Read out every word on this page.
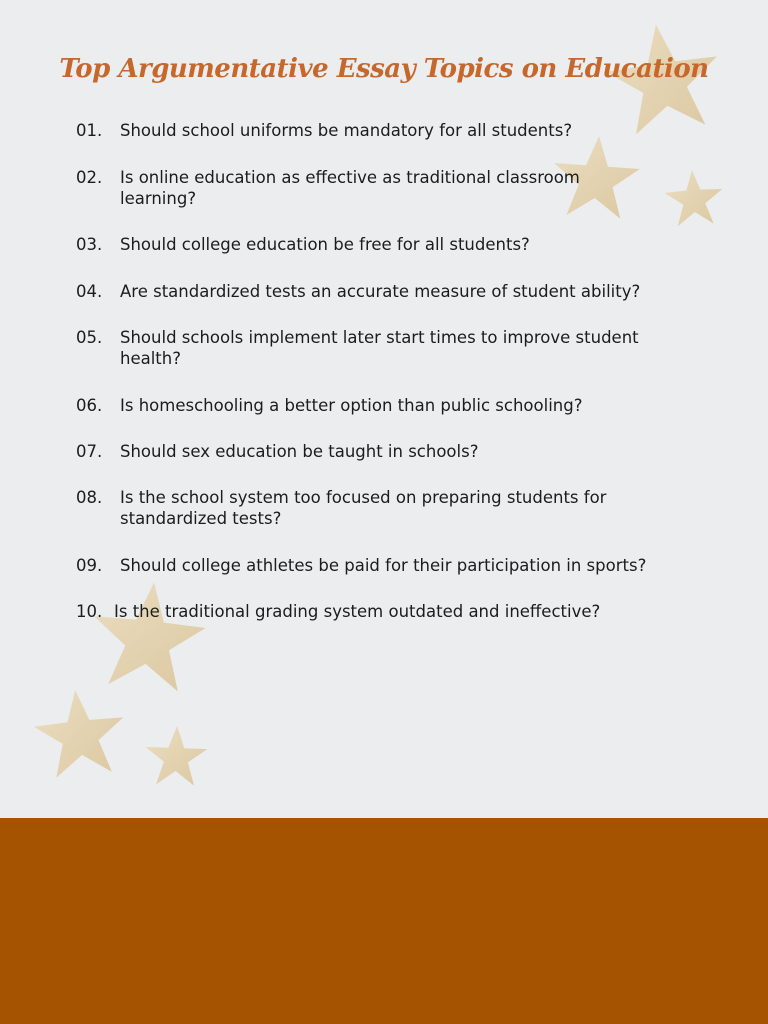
Top Argumentative Essay Topics on Education
01.	Should school uniforms be mandatory for all students?
02.	Is online education as effective as traditional classroom learning?
03.	Should college education be free for all students?
04.	Are standardized tests an accurate measure of student ability?
05.	Should schools implement later start times to improve student health?
06.	Is homeschooling a better option than public schooling?
07.	Should sex education be taught in schools?
08.	Is the school system too focused on preparing students for standardized tests?
09.	Should college athletes be paid for their participation in sports?
10. Is the traditional grading system outdated and ineffective?
